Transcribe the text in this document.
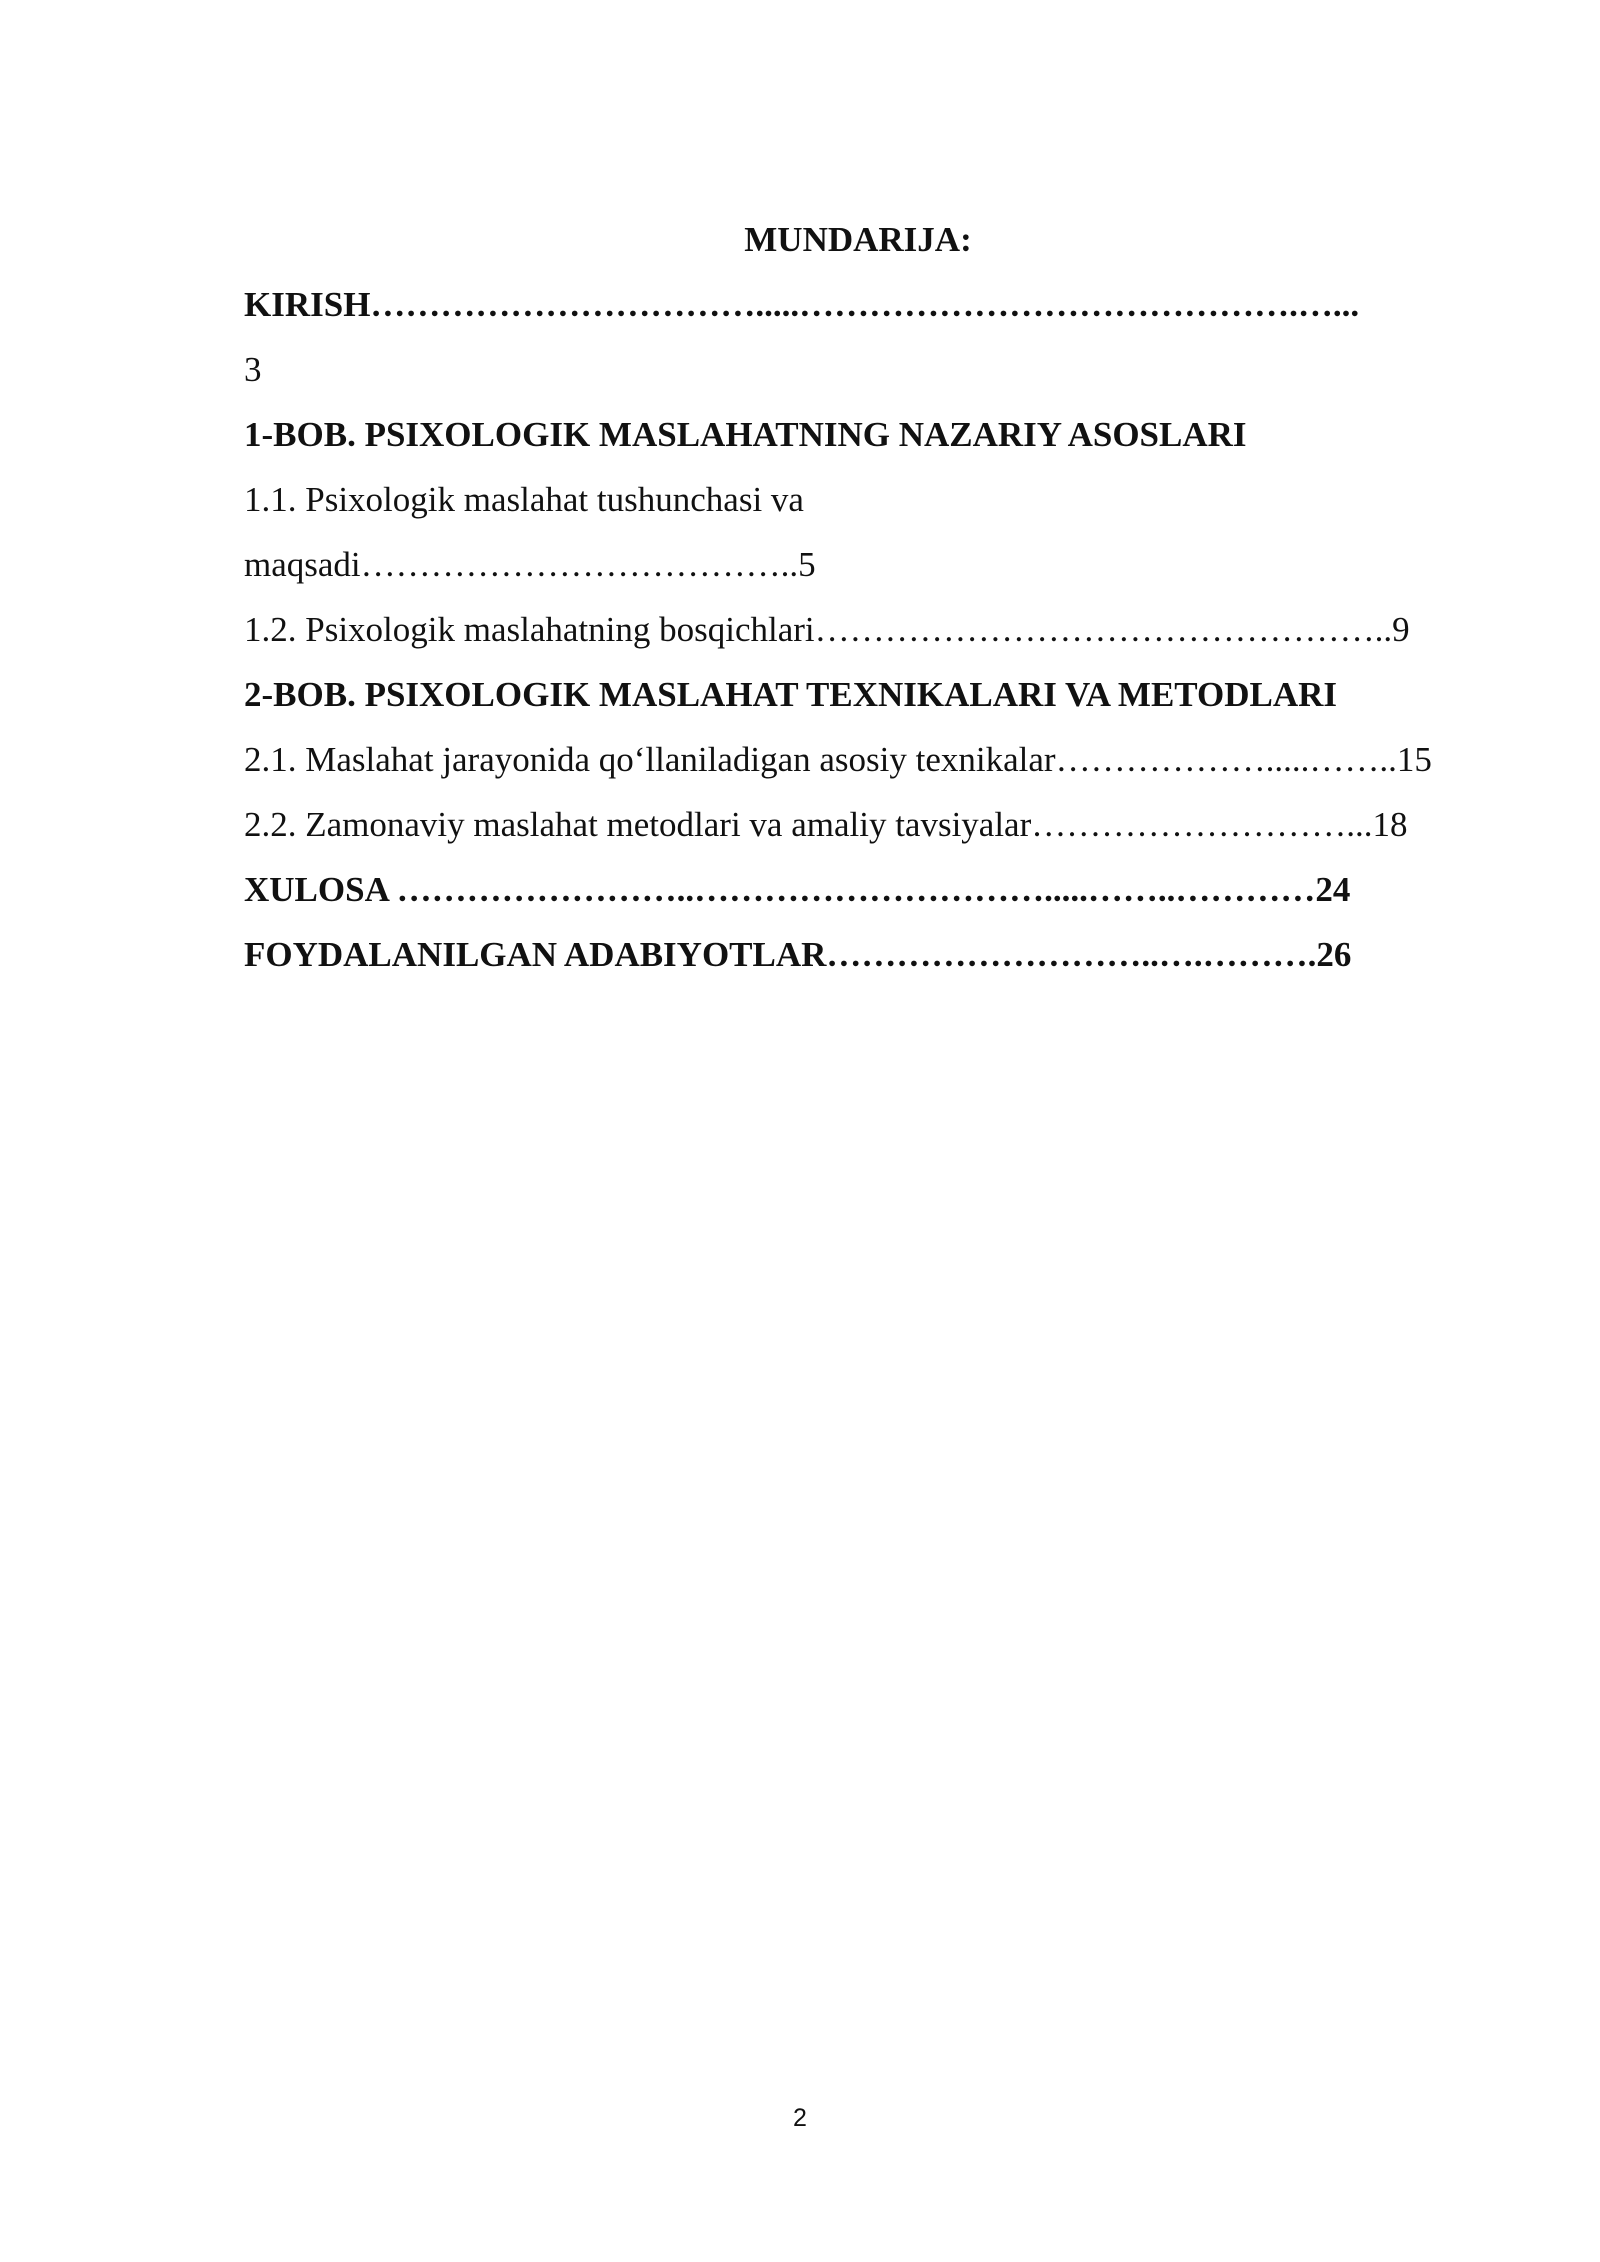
MUNDARIJA:
KIRISH…………………………….....…………………………………….…...
3
1-BOB. PSIXOLOGIK MASLAHATNING NAZARIY ASOSLARI
1.1. Psixologik maslahat tushunchasi va
maqsadi………………………………..5
1.2. Psixologik maslahatning bosqichlari…………………………………………..9
2-BOB. PSIXOLOGIK MASLAHAT TEXNIKALARI VA METODLARI
2.1. Maslahat jarayonida qo‘llaniladigan asosiy texnikalar……………….....……..15
2.2. Zamonaviy maslahat metodlari va amaliy tavsiyalar………………………...18
XULOSA ……………………..………………………….....……..…………24
FOYDALANILGAN ADABIYOTLAR………………………..….……….26
2
